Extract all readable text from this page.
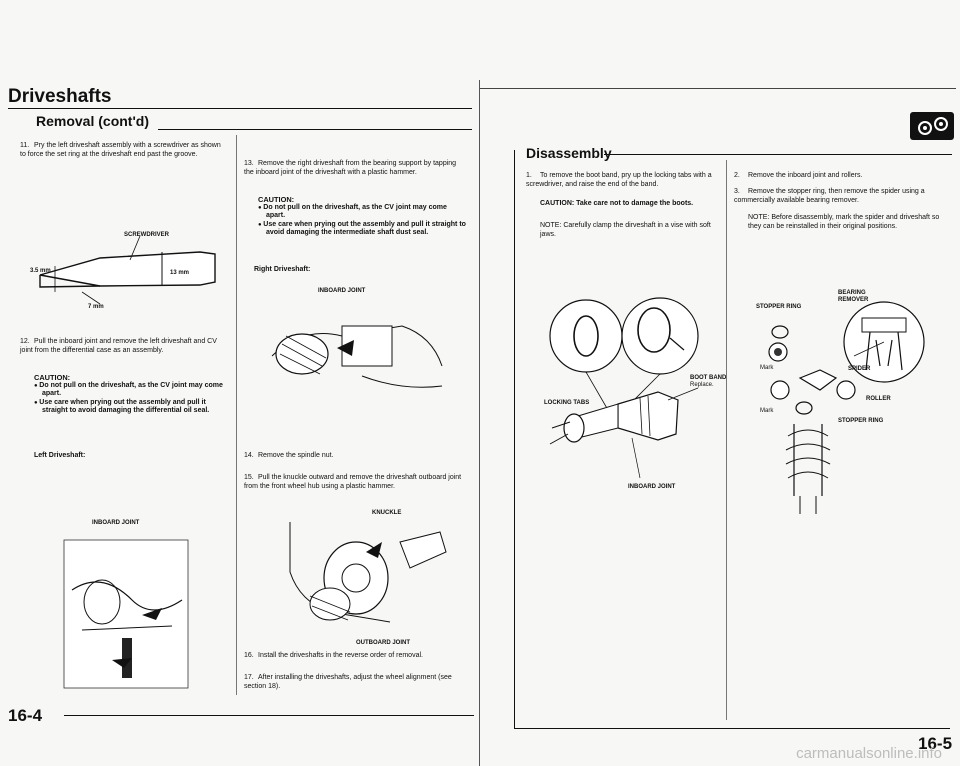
Driveshafts
Removal (cont'd)
11. Pry the left driveshaft assembly with a screwdriver as shown to force the set ring at the driveshaft end past the groove.
SCREWDRIVER
3.5 mm	13 mm
7 mm
12. Pull the inboard joint and remove the left driveshaft and CV joint from the differential case as an assembly.
CAUTION:
● Do not pull on the driveshaft, as the CV joint may come apart.
● Use care when prying out the assembly and pull it straight to avoid damaging the differential oil seal.
Left Driveshaft:
INBOARD JOINT
13. Remove the right driveshaft from the bearing support by tapping the inboard joint of the driveshaft with a plastic hammer.
CAUTION:
● Do not pull on the driveshaft, as the CV joint may come apart.
● Use care when prying out the assembly and pull it straight to avoid damaging the intermediate shaft dust seal.
Right Driveshaft:
INBOARD JOINT
14. Remove the spindle nut.
15. Pull the knuckle outward and remove the driveshaft outboard joint from the front wheel hub using a plastic hammer.
KNUCKLE
OUTBOARD JOINT
16. Install the driveshafts in the reverse order of removal.
17. After installing the driveshafts, adjust the wheel alignment (see section 18).
16-4
Disassembly
1. To remove the boot band, pry up the locking tabs with a screwdriver, and raise the end of the band.
CAUTION: Take care not to damage the boots.
NOTE: Carefully clamp the dirveshaft in a vise with soft jaws.
BOOT BAND
Replace.
LOCKING TABS
INBOARD JOINT
2. Remove the inboard joint and rollers.
3. Remove the stopper ring, then remove the spider using a commercially available bearing remover.
NOTE: Before disassembly, mark the spider and driveshaft so they can be reinstalled in their original positions.
BEARING
REMOVER
STOPPER RING
Mark	SPIDER
ROLLER
Mark
STOPPER RING
16-5
carmanualsonline.info
